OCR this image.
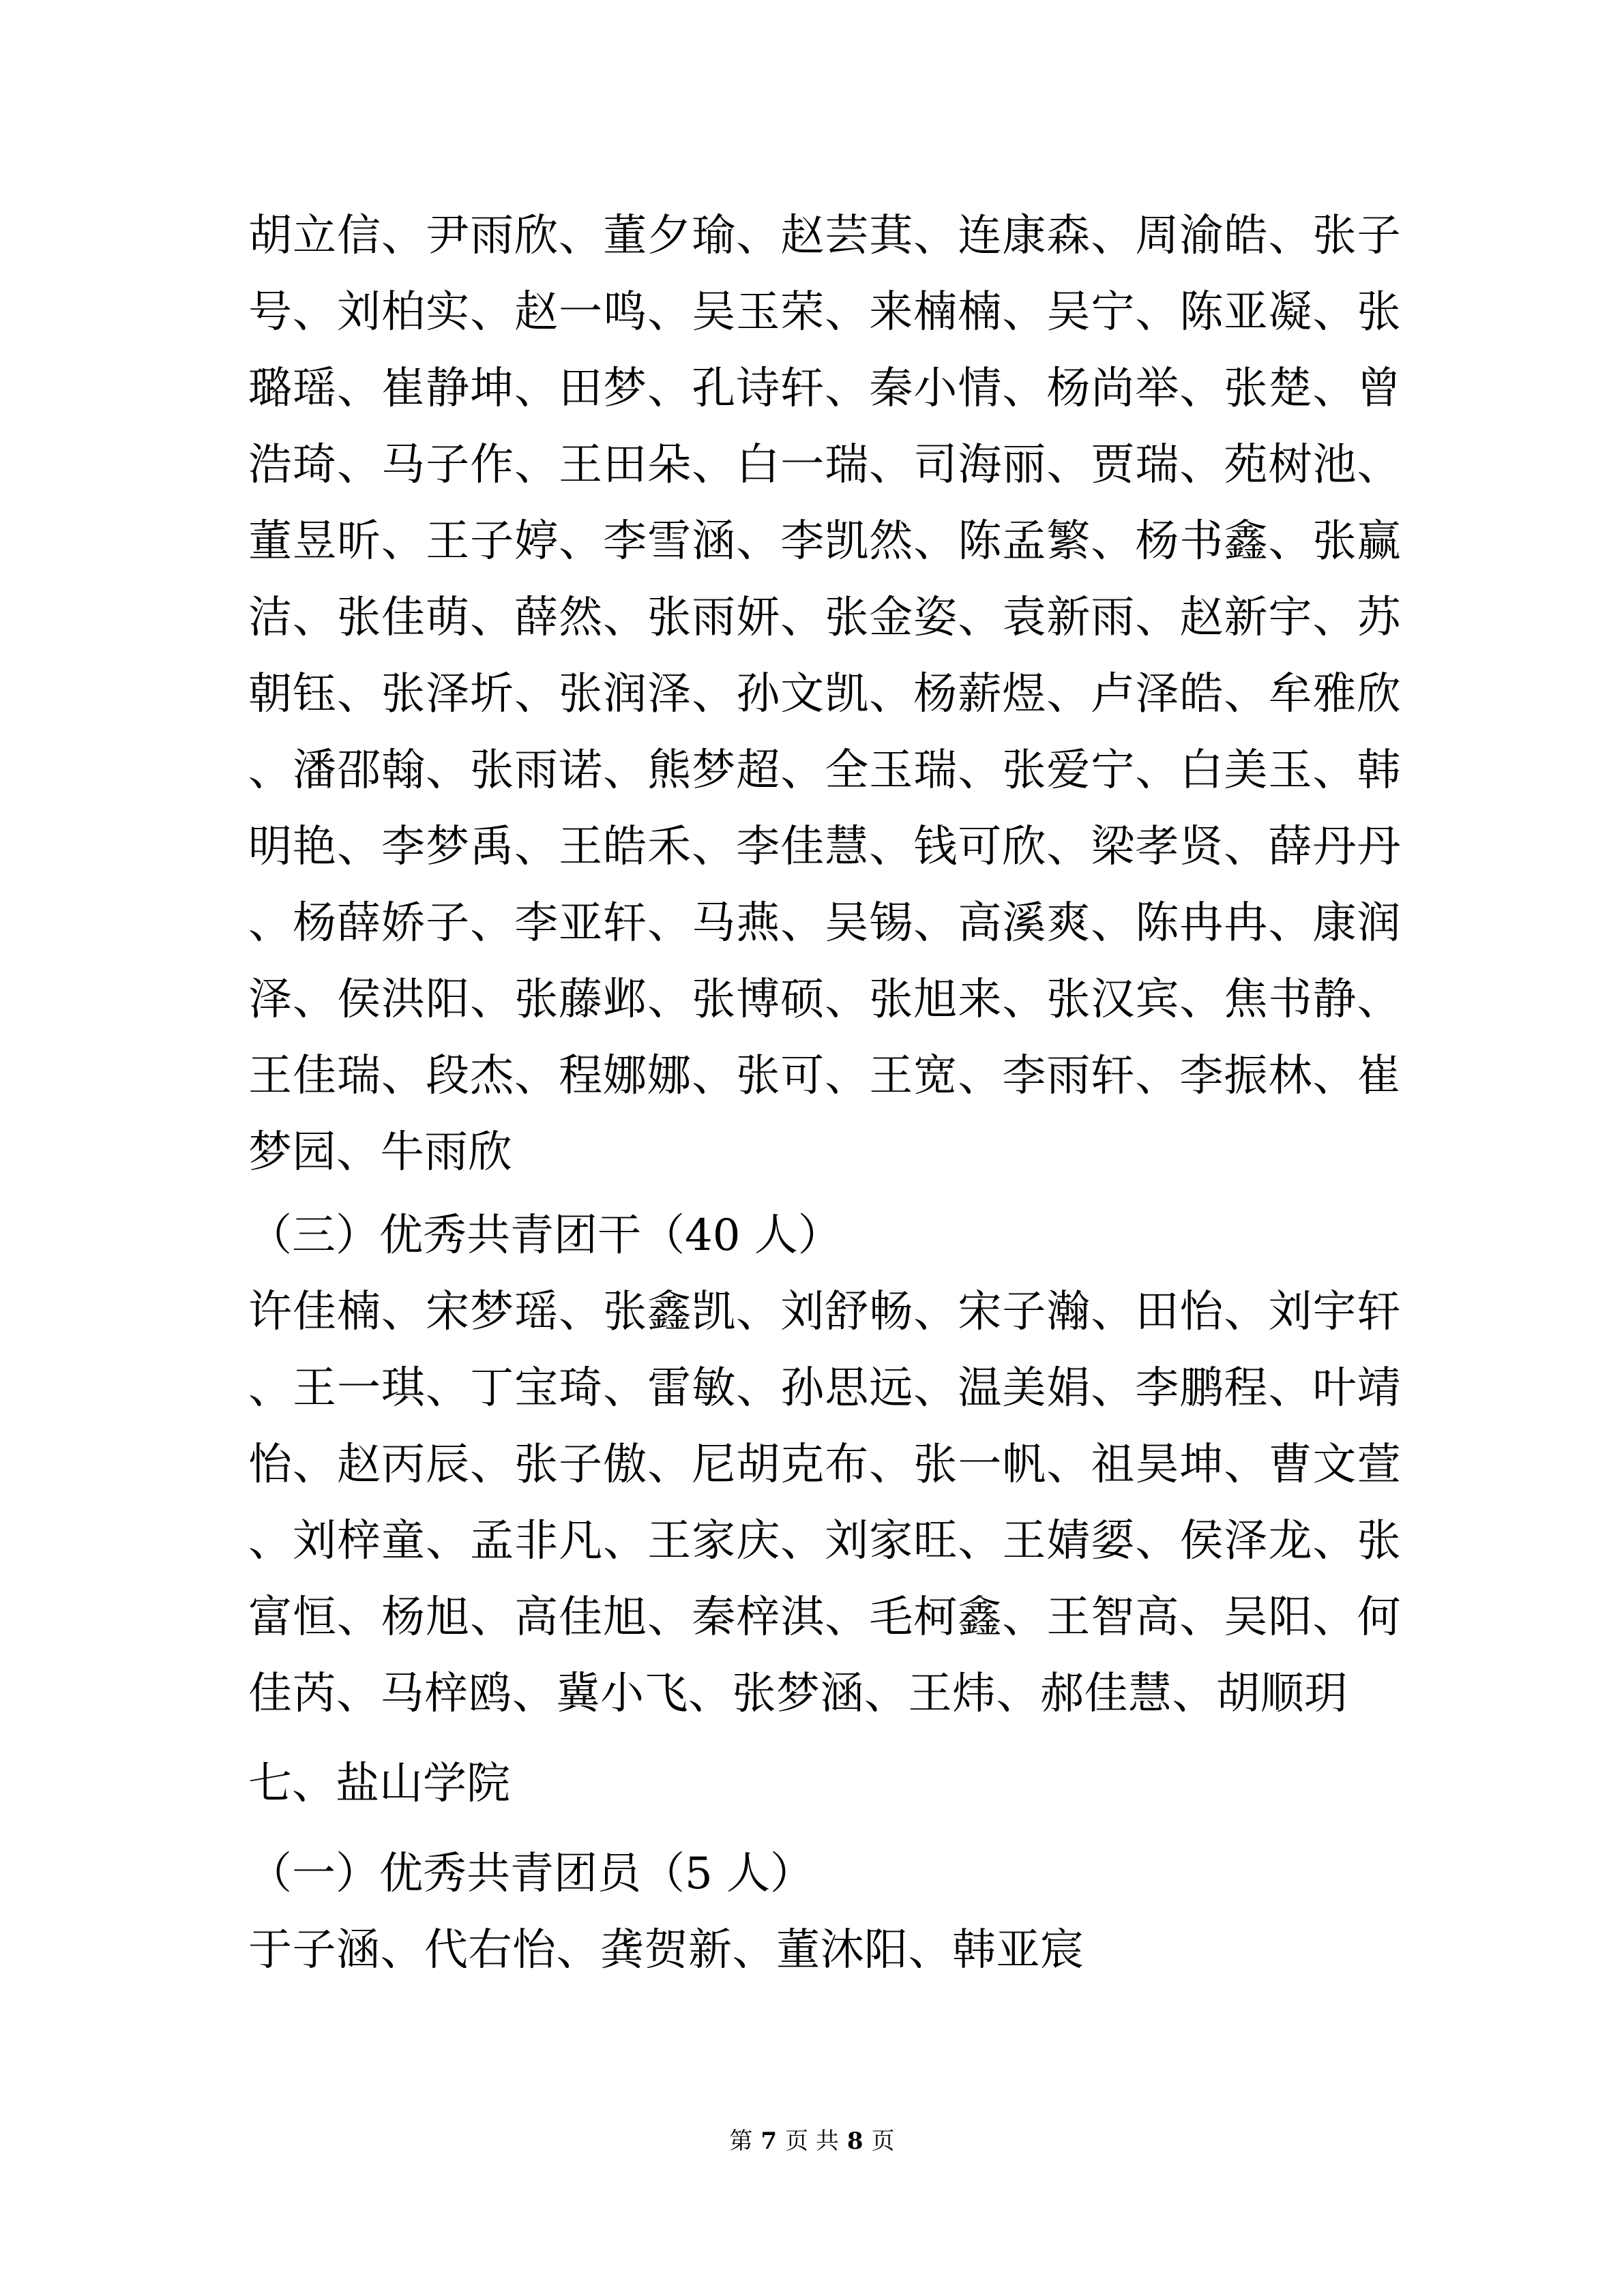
胡立信、尹雨欣、董夕瑜、赵芸萁、连康森、周渝皓、张子号、刘柏实、赵一鸣、吴玉荣、来楠楠、吴宁、陈亚凝、张璐瑶、崔静坤、田梦、孔诗轩、秦小情、杨尚举、张楚、曾浩琦、马子作、王田朵、白一瑞、司海丽、贾瑞、苑树池、董昱昕、王子婷、李雪涵、李凯然、陈孟繁、杨书鑫、张赢洁、张佳萌、薛然、张雨妍、张金姿、袁新雨、赵新宇、苏朝钰、张泽圻、张润泽、孙文凯、杨薪煜、卢泽皓、牟雅欣、潘邵翰、张雨诺、熊梦超、全玉瑞、张爱宁、白美玉、韩明艳、李梦禹、王皓禾、李佳慧、钱可欣、梁孝贤、薛丹丹、杨薛娇子、李亚轩、马燕、吴锡、高溪爽、陈冉冉、康润泽、侯洪阳、张藤邺、张博硕、张旭来、张汉宾、焦书静、王佳瑞、段杰、程娜娜、张可、王宽、李雨轩、李振林、崔梦园、牛雨欣

（三）优秀共青团干（40 人）

许佳楠、宋梦瑶、张鑫凯、刘舒畅、宋子瀚、田怡、刘宇轩、王一琪、丁宝琦、雷敏、孙思远、温美娟、李鹏程、叶靖怡、赵丙辰、张子傲、尼胡克布、张一帆、祖昊坤、曹文萱、刘梓童、孟非凡、王家庆、刘家旺、王婧媭、侯泽龙、张富恒、杨旭、高佳旭、秦梓淇、毛柯鑫、王智高、吴阳、何佳芮、马梓鸥、冀小飞、张梦涵、王炜、郝佳慧、胡顺玥

七、盐山学院

（一）优秀共青团员（5 人）

于子涵、代右怡、龚贺新、董沐阳、韩亚宸

第 7 页 共 8 页
